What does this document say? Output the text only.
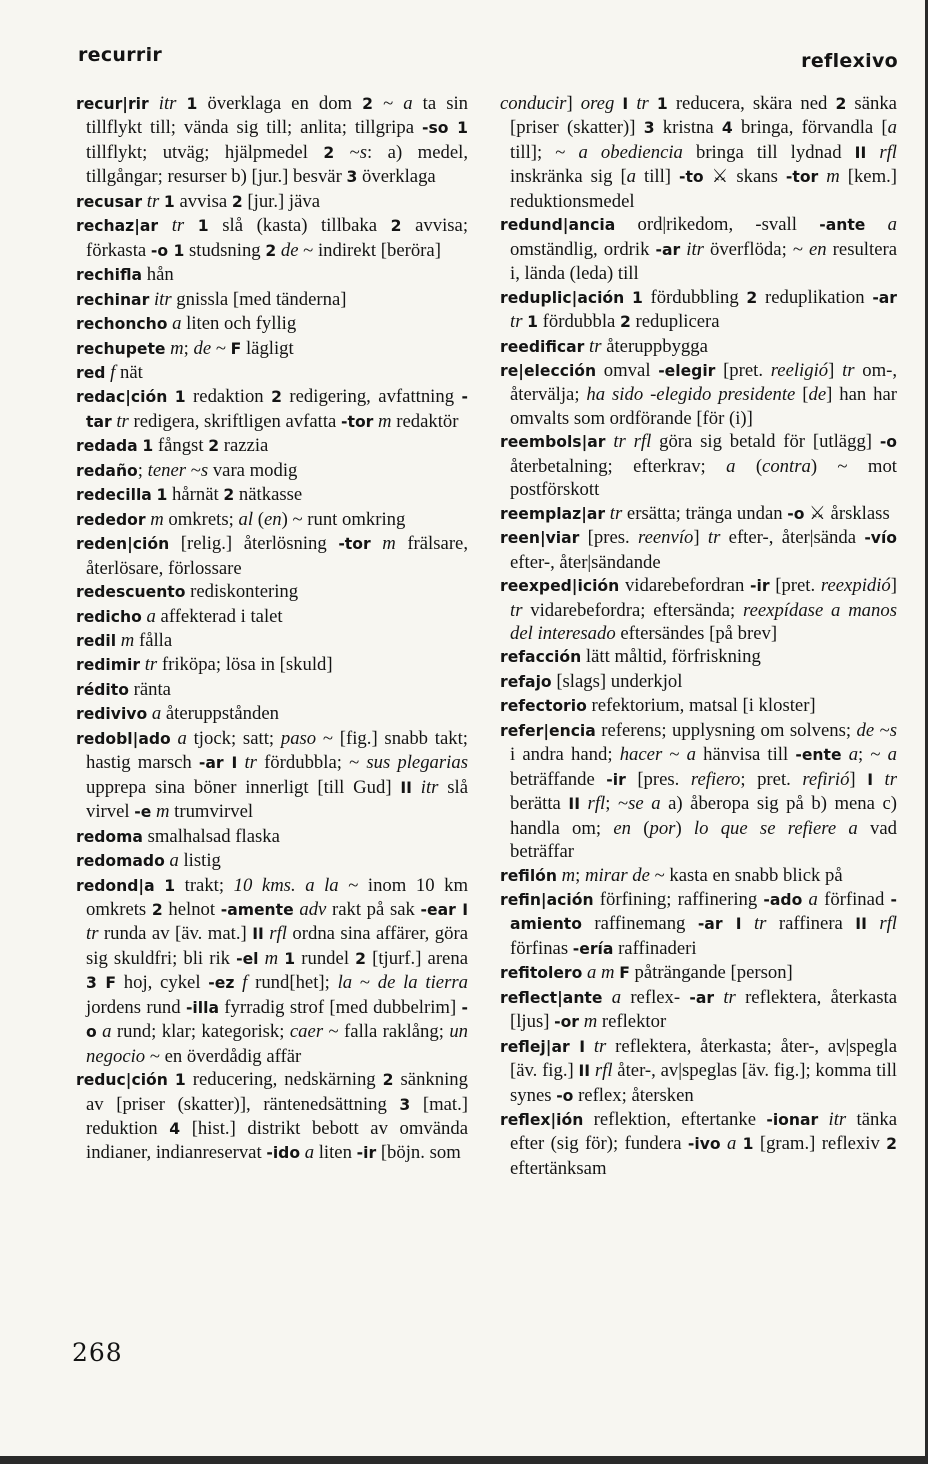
recurrir	reflexivo

recur|rir itr 1 överklaga en dom 2 ~ a ta sin tillflykt till; vända sig till; anlita; tillgripa -so 1 tillflykt; utväg; hjälpmedel 2 ~s: a) medel, tillgångar; resurser b) [jur.] besvär 3 överklaga

recusar tr 1 avvisa 2 [jur.] jäva

rechaz|ar tr 1 slå (kasta) tillbaka 2 avvisa; förkasta -o 1 studsning 2 de ~ indirekt [beröra]

rechifla hån

rechinar itr gnissla [med tänderna]

rechoncho a liten och fyllig

rechupete m; de ~ F lägligt

red f nät

redac|ción 1 redaktion 2 redigering, avfattning -tar tr redigera, skriftligen avfatta -tor m redaktör

redada 1 fångst 2 razzia

redaño; tener ~s vara modig

redecilla 1 hårnät 2 nätkasse

rededor m omkrets; al (en) ~ runt omkring

reden|ción [relig.] återlösning -tor m frälsare, återlösare, förlossare

redescuento rediskontering

redicho a affekterad i talet

redil m fålla

redimir tr friköpa; lösa in [skuld]

rédito ränta

redivivo a återuppstånden

redobl|ado a tjock; satt; paso ~ [fig.] snabb takt; hastig marsch -ar I tr fördubbla; ~ sus plegarias upprepa sina böner innerligt [till Gud] II itr slå virvel -e m trumvirvel

redoma smalhalsad flaska

redomado a listig

redond|a 1 trakt; 10 kms. a la ~ inom 10 km omkrets 2 helnot -amente adv rakt på sak -ear I tr runda av [äv. mat.] II rfl ordna sina affärer, göra sig skuldfri; bli rik -el m 1 rundel 2 [tjurf.] arena 3 F hoj, cykel -ez f rund[het]; la ~ de la tierra jordens rund -illa fyrradig strof [med dubbelrim] -o a rund; klar; kategorisk; caer ~ falla raklång; un negocio ~ en överdådig affär

reduc|ción 1 reducering, nedskärning 2 sänkning av [priser (skatter)], räntenedsättning 3 [mat.] reduktion 4 [hist.] distrikt bebott av omvända indianer, indianreservat -ido a liten -ir [böjn. som

conducir] oreg I tr 1 reducera, skära ned 2 sänka [priser (skatter)] 3 kristna 4 bringa, förvandla [a till]; ~ a obediencia bringa till lydnad II rfl inskränka sig [a till] -to ⚔ skans -tor m [kem.] reduktionsmedel

redund|ancia ord|rikedom, -svall -ante a omständlig, ordrik -ar itr överflöda; ~ en resultera i, lända (leda) till

reduplic|ación 1 fördubbling 2 reduplikation -ar tr 1 fördubbla 2 reduplicera

reedificar tr återuppbygga

re|elección omval -elegir [pret. reeligió] tr om-, återvälja; ha sido -elegido presidente [de] han har omvalts som ordförande [för (i)]

reembols|ar tr rfl göra sig betald för [utlägg] -o återbetalning; efterkrav; a (contra) ~ mot postförskott

reemplaz|ar tr ersätta; tränga undan -o ⚔ årsklass

reen|viar [pres. reenvío] tr efter-, åter|sända -vío efter-, åter|sändande

reexped|ición vidarebefordran -ir [pret. reexpidió] tr vidarebefordra; eftersända; reexpídase a manos del interesado eftersändes [på brev]

refacción lätt måltid, förfriskning

refajo [slags] underkjol

refectorio refektorium, matsal [i kloster]

refer|encia referens; upplysning om solvens; de ~s i andra hand; hacer ~ a hänvisa till -ente a; ~ a beträffande -ir [pres. refiero; pret. refirió] I tr berätta II rfl; ~se a a) åberopa sig på b) mena c) handla om; en (por) lo que se refiere a vad beträffar

refilón m; mirar de ~ kasta en snabb blick på

refin|ación förfining; raffinering -ado a förfinad -amiento raffinemang -ar I tr raffinera II rfl förfinas -ería raffinaderi

refitolero a m F påträngande [person]

reflect|ante a reflex- -ar tr reflektera, återkasta [ljus] -or m reflektor

reflej|ar I tr reflektera, återkasta; åter-, av|spegla [äv. fig.] II rfl åter-, av|speglas [äv. fig.]; komma till synes -o reflex; återsken

reflex|ión reflektion, eftertanke -ionar itr tänka efter (sig för); fundera -ivo a 1 [gram.] reflexiv 2 eftertänksam

268
